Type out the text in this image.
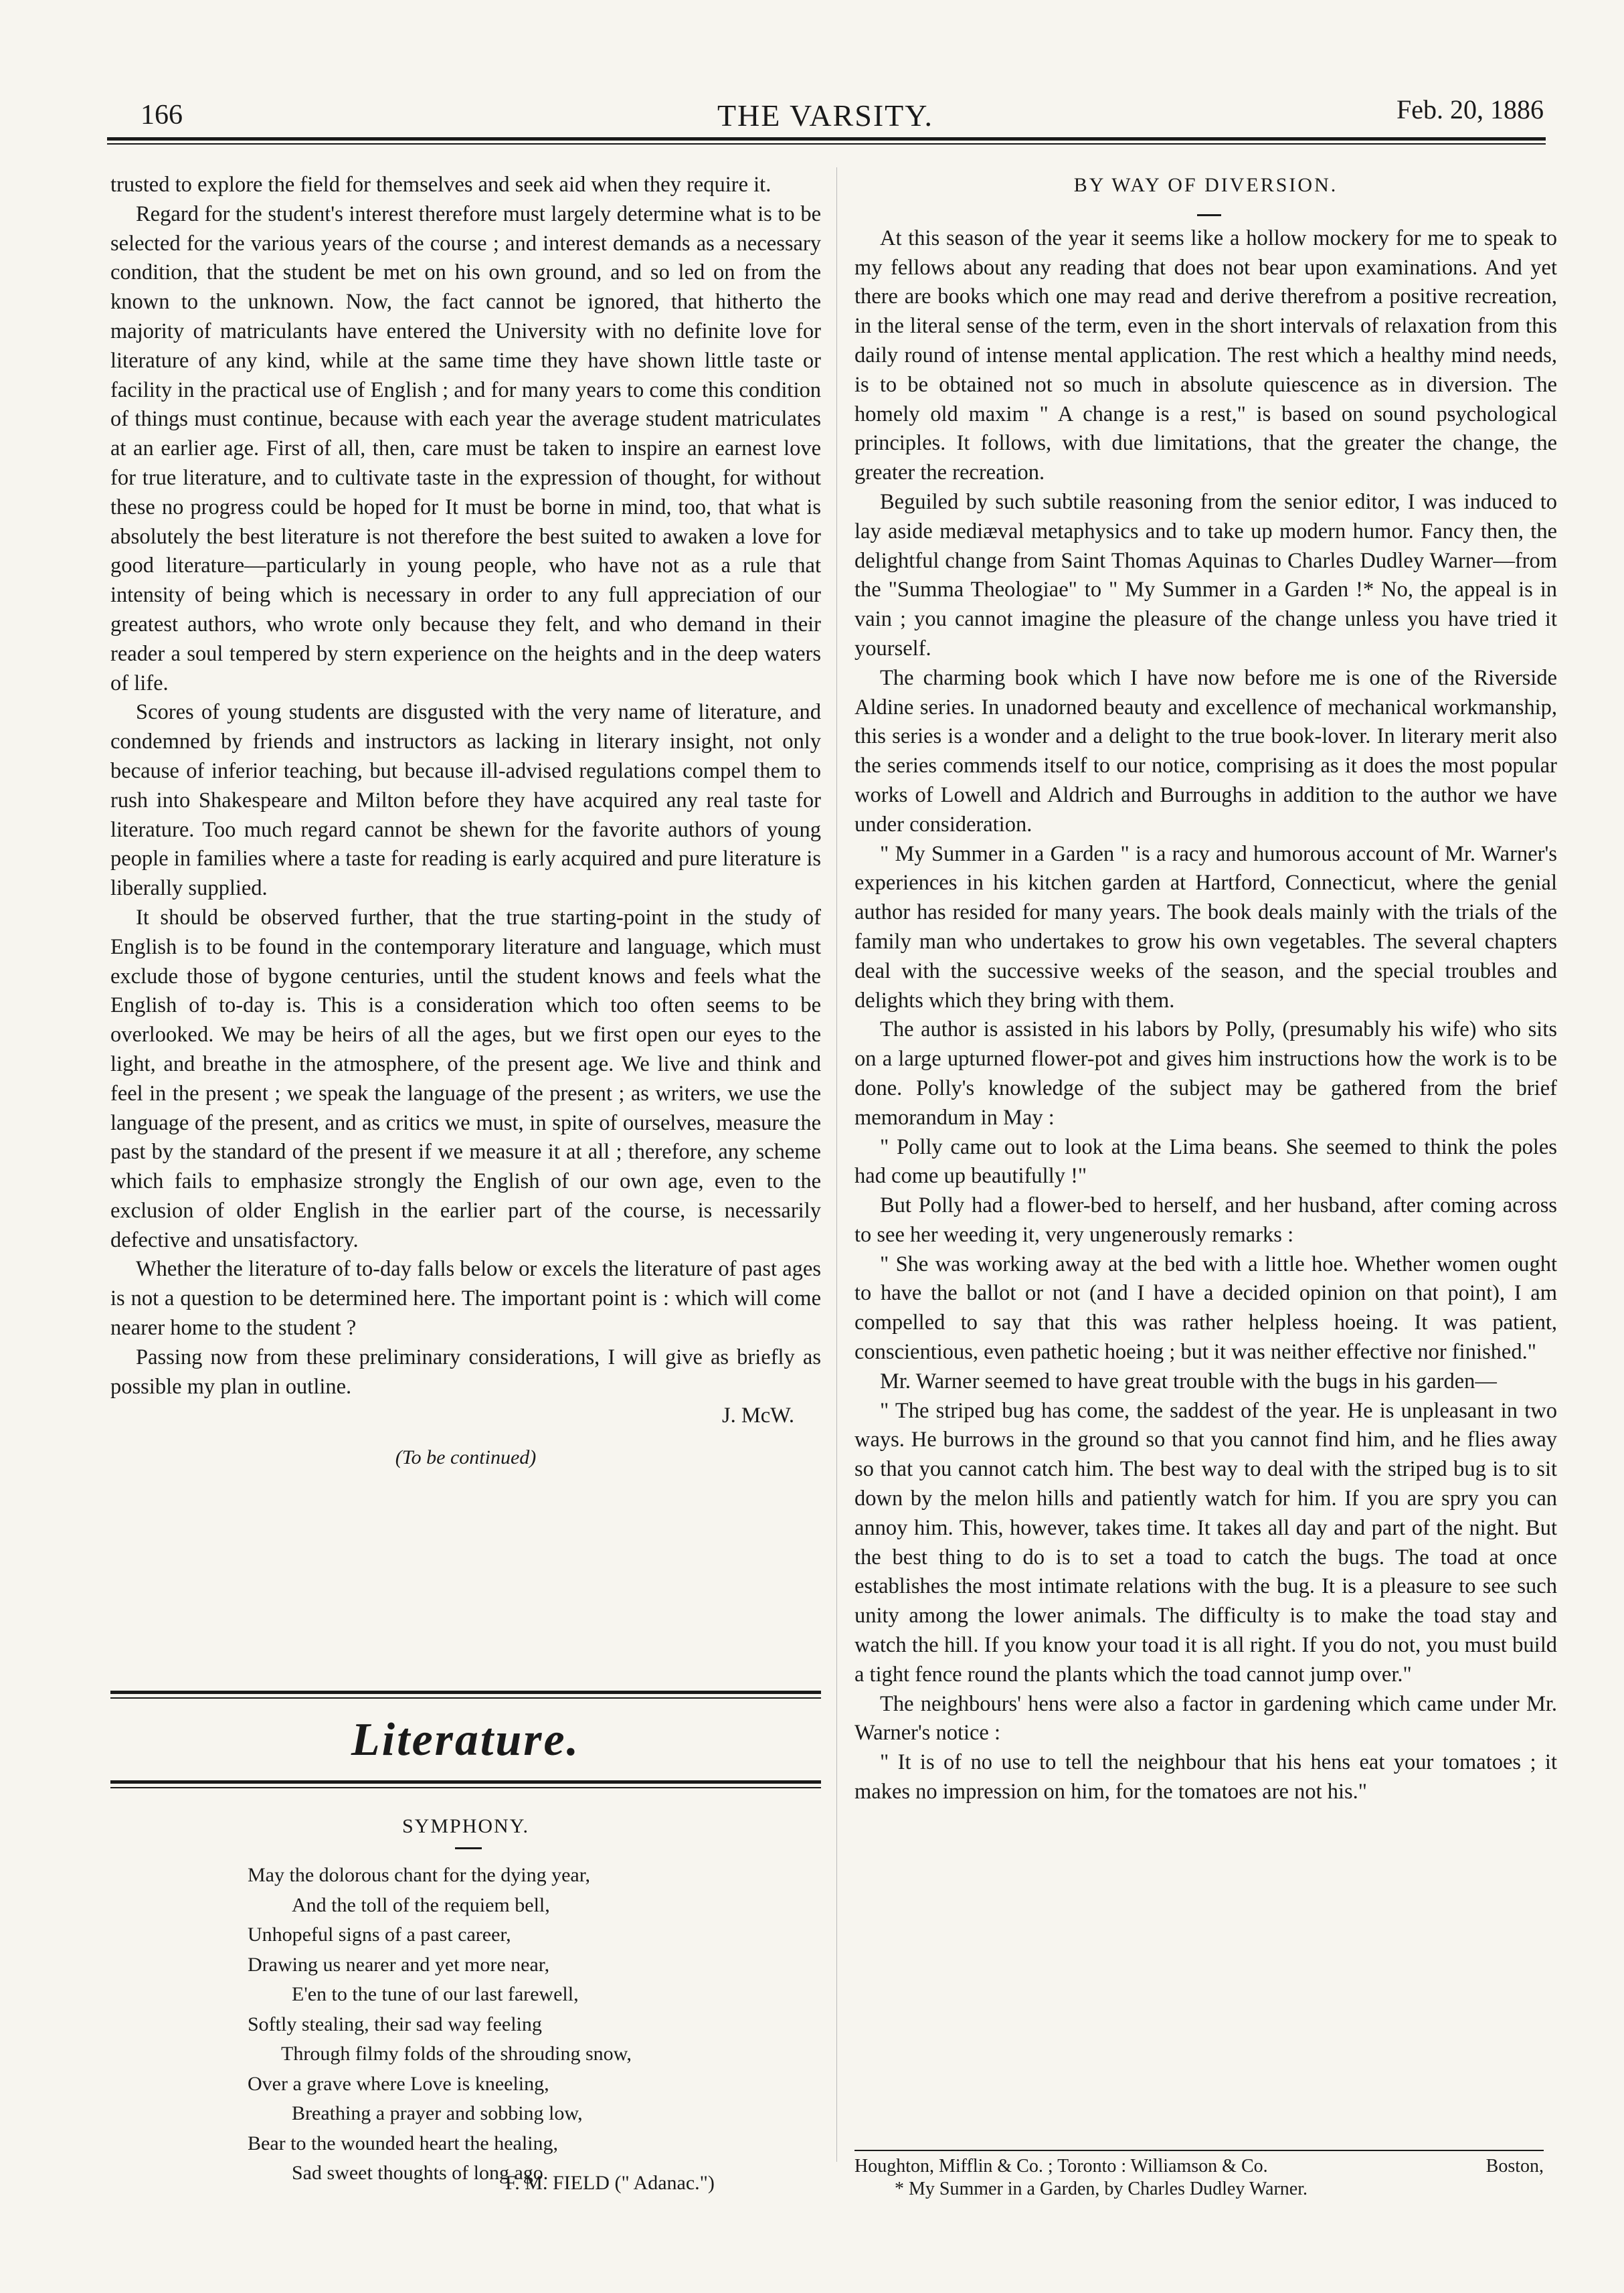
166	THE VARSITY.	Feb. 20, 1886

trusted to explore the field for themselves and seek aid when they require it.

Regard for the student's interest therefore must largely determine what is to be selected for the various years of the course ; and interest demands as a necessary condition, that the student be met on his own ground, and so led on from the known to the unknown. Now, the fact cannot be ignored, that hitherto the majority of matriculants have entered the University with no definite love for literature of any kind, while at the same time they have shown little taste or facility in the practical use of English ; and for many years to come this condition of things must continue, because with each year the average student matriculates at an earlier age. First of all, then, care must be taken to inspire an earnest love for true literature, and to cultivate taste in the expression of thought, for without these no progress could be hoped for It must be borne in mind, too, that what is absolutely the best literature is not therefore the best suited to awaken a love for good literature—particularly in young people, who have not as a rule that intensity of being which is necessary in order to any full appreciation of our greatest authors, who wrote only because they felt, and who demand in their reader a soul tempered by stern experience on the heights and in the deep waters of life.

Scores of young students are disgusted with the very name of literature, and condemned by friends and instructors as lacking in literary insight, not only because of inferior teaching, but because ill-advised regulations compel them to rush into Shakespeare and Milton before they have acquired any real taste for literature. Too much regard cannot be shewn for the favorite authors of young people in families where a taste for reading is early acquired and pure literature is liberally supplied.

It should be observed further, that the true starting-point in the study of English is to be found in the contemporary literature and language, which must exclude those of bygone centuries, until the student knows and feels what the English of to-day is. This is a consideration which too often seems to be overlooked. We may be heirs of all the ages, but we first open our eyes to the light, and breathe in the atmosphere, of the present age. We live and think and feel in the present ; we speak the language of the present ; as writers, we use the language of the present, and as critics we must, in spite of ourselves, measure the past by the standard of the present if we measure it at all ; therefore, any scheme which fails to emphasize strongly the English of our own age, even to the exclusion of older English in the earlier part of the course, is necessarily defective and unsatisfactory.

Whether the literature of to-day falls below or excels the literature of past ages is not a question to be determined here. The important point is : which will come nearer home to the student ?

Passing now from these preliminary considerations, I will give as briefly as possible my plan in outline.

J. McW.
(To be continued)
Literature.
SYMPHONY.
May the dolorous chant for the dying year,
And the toll of the requiem bell,
Unhopeful signs of a past career,
Drawing us nearer and yet more near,
E'en to the tune of our last farewell,
Softly stealing, their sad way feeling
Through filmy folds of the shrouding snow,
Over a grave where Love is kneeling,
Breathing a prayer and sobbing low,
Bear to the wounded heart the healing,
Sad sweet thoughts of long ago.
F. M. FIELD (" Adanac.")
BY WAY OF DIVERSION.

At this season of the year it seems like a hollow mockery for me to speak to my fellows about any reading that does not bear upon examinations. And yet there are books which one may read and derive therefrom a positive recreation, in the literal sense of the term, even in the short intervals of relaxation from this daily round of intense mental application. The rest which a healthy mind needs, is to be obtained not so much in absolute quiescence as in diversion. The homely old maxim " A change is a rest," is based on sound psychological principles. It follows, with due limitations, that the greater the change, the greater the recreation.

Beguiled by such subtile reasoning from the senior editor, I was induced to lay aside mediæval metaphysics and to take up modern humor. Fancy then, the delightful change from Saint Thomas Aquinas to Charles Dudley Warner—from the "Summa Theologiae" to " My Summer in a Garden !* No, the appeal is in vain ; you cannot imagine the pleasure of the change unless you have tried it yourself.

The charming book which I have now before me is one of the Riverside Aldine series. In unadorned beauty and excellence of mechanical workmanship, this series is a wonder and a delight to the true book-lover. In literary merit also the series commends itself to our notice, comprising as it does the most popular works of Lowell and Aldrich and Burroughs in addition to the author we have under consideration.

" My Summer in a Garden " is a racy and humorous account of Mr. Warner's experiences in his kitchen garden at Hartford, Connecticut, where the genial author has resided for many years. The book deals mainly with the trials of the family man who undertakes to grow his own vegetables. The several chapters deal with the successive weeks of the season, and the special troubles and delights which they bring with them.

The author is assisted in his labors by Polly, (presumably his wife) who sits on a large upturned flower-pot and gives him instructions how the work is to be done. Polly's knowledge of the subject may be gathered from the brief memorandum in May :

" Polly came out to look at the Lima beans. She seemed to think the poles had come up beautifully !"

But Polly had a flower-bed to herself, and her husband, after coming across to see her weeding it, very ungenerously remarks :

" She was working away at the bed with a little hoe. Whether women ought to have the ballot or not (and I have a decided opinion on that point), I am compelled to say that this was rather helpless hoeing. It was patient, conscientious, even pathetic hoeing ; but it was neither effective nor finished."

Mr. Warner seemed to have great trouble with the bugs in his garden—

" The striped bug has come, the saddest of the year. He is unpleasant in two ways. He burrows in the ground so that you cannot find him, and he flies away so that you cannot catch him. The best way to deal with the striped bug is to sit down by the melon hills and patiently watch for him. If you are spry you can annoy him. This, however, takes time. It takes all day and part of the night. But the best thing to do is to set a toad to catch the bugs. The toad at once establishes the most intimate relations with the bug. It is a pleasure to see such unity among the lower animals. The difficulty is to make the toad stay and watch the hill. If you know your toad it is all right. If you do not, you must build a tight fence round the plants which the toad cannot jump over."

The neighbours' hens were also a factor in gardening which came under Mr. Warner's notice :

" It is of no use to tell the neighbour that his hens eat your tomatoes ; it makes no impression on him, for the tomatoes are not his."

Houghton, Mifflin & Co. ; Toronto : Williamson & Co.	Boston,
* My Summer in a Garden, by Charles Dudley Warner.
